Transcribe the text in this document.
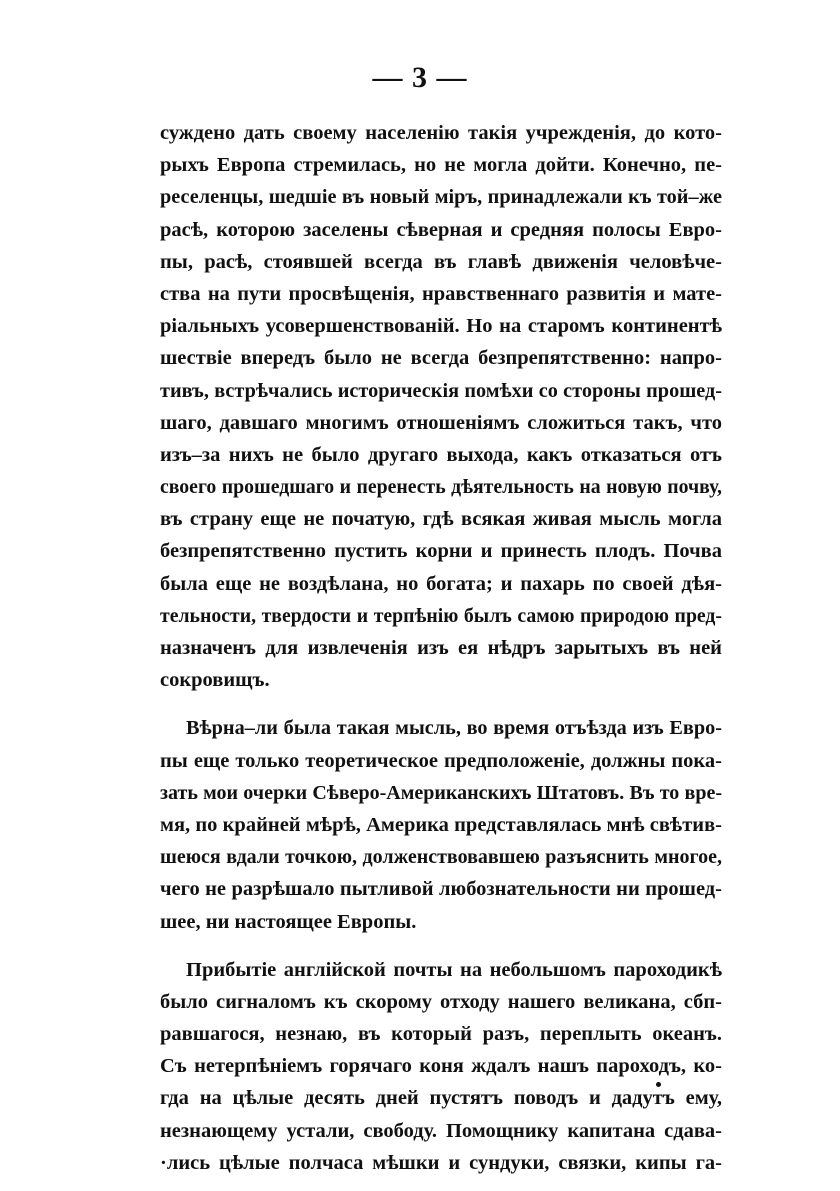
— 3 —
суждено дать своему населенію такія учрежденія, до кото-
рыхъ Европа стремилась, но не могла дойти. Конечно, пе-
реселенцы, шедшіе въ новый міръ, принадлежали къ той–же
расѣ, которою заселены сѣверная и средняя полосы Евро-
пы, расѣ, стоявшей всегда въ главѣ движенія человѣче-
ства на пути просвѣщенія, нравственнаго развитія и мате-
ріальныхъ усовершенствованій. Но на старомъ континентѣ
шествіе впередъ было не всегда безпрепятственно: напро-
тивъ, встрѣчались историческія помѣхи со стороны прошед-
шаго, давшаго многимъ отношеніямъ сложиться такъ, что
изъ–за нихъ не было другаго выхода, какъ отказаться отъ
своего прошедшаго и перенесть дѣятельность на новую почву,
въ страну еще не початую, гдѣ всякая живая мысль могла
безпрепятственно пустить корни и принесть плодъ. Почва
была еще не воздѣлана, но богата; и пахарь по своей дѣя-
тельности, твердости и терпѣнію былъ самою природою пред-
назначенъ для извлеченія изъ ея нѣдръ зарытыхъ въ ней
сокровищъ.
Вѣрна–ли была такая мысль, во время отъѣзда изъ Евро-
пы еще только теоретическое предположеніе, должны пока-
зать мои очерки Сѣверо-Американскихъ Штатовъ. Въ то вре-
мя, по крайней мѣрѣ, Америка представлялась мнѣ свѣтив-
шеюся вдали точкою, долженствовавшею разъяснить многое,
чего не разрѣшало пытливой любознательности ни прошед-
шее, ни настоящее Европы.
Прибытіе англійской почты на небольшомъ пароходикѣ
было сигналомъ къ скорому отходу нашего великана, сбп-
равшагося, незнаю, въ который разъ, переплыть океанъ.
Съ нетерпѣніемъ горячаго коня ждалъ нашъ пароходъ, ко-
гда на цѣлые десять дней пустятъ поводъ и дадутъ ему,
незнающему устали, свободу. Помощнику капитана сдава-
·лись цѣлые полчаса мѣшки и сундуки, связки, кипы га-
